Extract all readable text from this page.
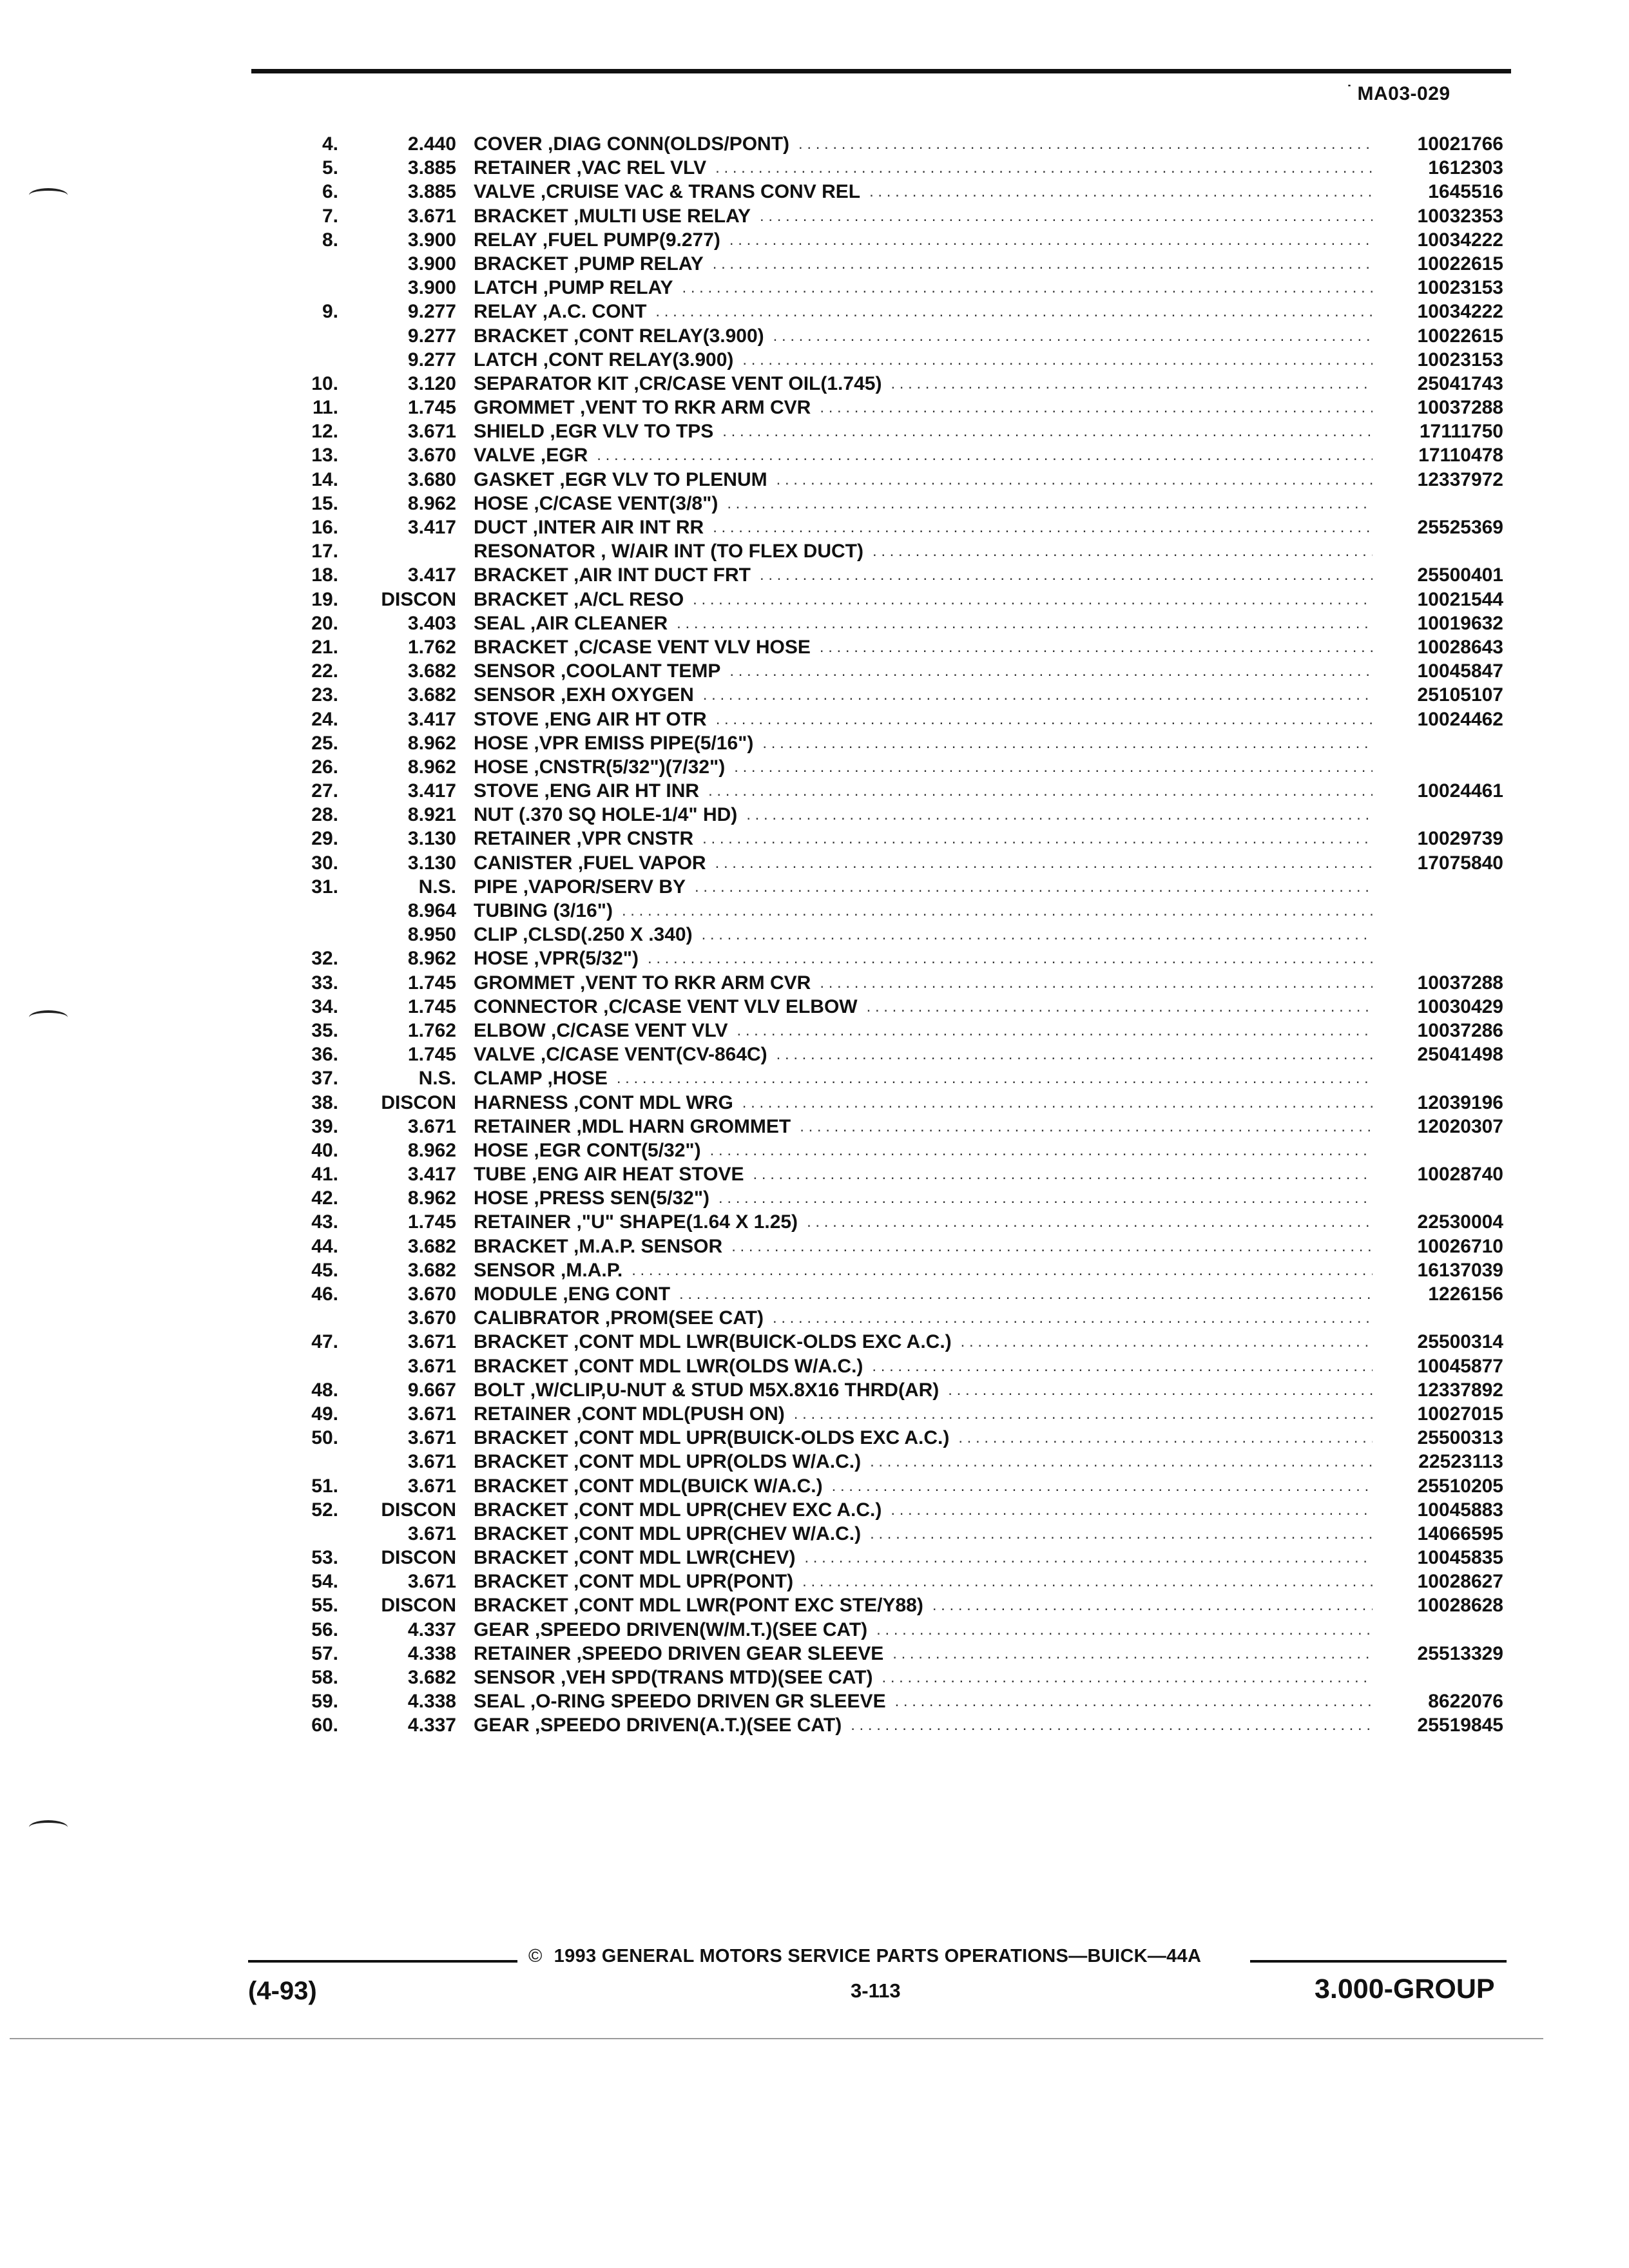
˙ MA03-029
4.	2.440 COVER ,DIAG CONN(OLDS/PONT) . . .	10021766
5.	3.885 RETAINER ,VAC REL VLV . . .	1612303
6.	3.885 VALVE ,CRUISE VAC & TRANS CONV REL . . .	1645516
7.	3.671 BRACKET ,MULTI USE RELAY . . .	10032353
8.	3.900 RELAY ,FUEL PUMP(9.277) . . .	10034222
3.900 BRACKET ,PUMP RELAY . . .	10022615
3.900 LATCH ,PUMP RELAY . . .	10023153
9.	9.277 RELAY ,A.C. CONT . . .	10034222
9.277 BRACKET ,CONT RELAY(3.900) . . .	10022615
9.277 LATCH ,CONT RELAY(3.900) . . .	10023153
10.	3.120 SEPARATOR KIT ,CR/CASE VENT OIL(1.745) . . .	25041743
11.	1.745 GROMMET ,VENT TO RKR ARM CVR . . .	10037288
12.	3.671 SHIELD ,EGR VLV TO TPS . . .	17111750
13.	3.670 VALVE ,EGR . . .	17110478
14.	3.680 GASKET ,EGR VLV TO PLENUM . . .	12337972
15.	8.962 HOSE ,C/CASE VENT(3/8")
. . .
16.	3.417 DUCT ,INTER AIR INT RR . . .	25525369
17.	RESONATOR , W/AIR INT (TO FLEX DUCT)
. . .
18.	3.417 BRACKET ,AIR INT DUCT FRT . . .	25500401
19.	DISCON BRACKET ,A/CL RESO . . .	10021544
20.	3.403 SEAL ,AIR CLEANER . . .	10019632
21.	1.762 BRACKET ,C/CASE VENT VLV HOSE . . .	10028643
22.	3.682 SENSOR ,COOLANT TEMP . . .	10045847
23.	3.682 SENSOR ,EXH OXYGEN . . .	25105107
24.	3.417 STOVE ,ENG AIR HT OTR . . .	10024462
25.	8.962 HOSE ,VPR EMISS PIPE(5/16")
. . .
26.	8.962 HOSE ,CNSTR(5/32")(7/32")
. . .
27.	3.417 STOVE ,ENG AIR HT INR . . .	10024461
28.	8.921 NUT (.370 SQ HOLE-1/4" HD)
. . .
29.	3.130 RETAINER ,VPR CNSTR . . .	10029739
30.	3.130 CANISTER ,FUEL VAPOR . . .	17075840
31.	N.S. PIPE ,VAPOR/SERV BY
. . .
8.964 TUBING (3/16")
. . .
8.950 CLIP ,CLSD(.250 X .340)
. . .
32.	8.962 HOSE ,VPR(5/32")
. . .
33.	1.745 GROMMET ,VENT TO RKR ARM CVR . . .	10037288
34.	1.745 CONNECTOR ,C/CASE VENT VLV ELBOW . . .	10030429
35.	1.762 ELBOW ,C/CASE VENT VLV . . .	10037286
36.	1.745 VALVE ,C/CASE VENT(CV-864C) . . .	25041498
37.	N.S. CLAMP ,HOSE
. . .
38.	DISCON HARNESS ,CONT MDL WRG . . .	12039196
39.	3.671 RETAINER ,MDL HARN GROMMET . . .	12020307
40.	8.962 HOSE ,EGR CONT(5/32")
. . .
41.	3.417 TUBE ,ENG AIR HEAT STOVE . . .	10028740
42.	8.962 HOSE ,PRESS SEN(5/32")
. . .
43.	1.745 RETAINER ,"U" SHAPE(1.64 X 1.25) . . .	22530004
44.	3.682 BRACKET ,M.A.P. SENSOR . . .	10026710
45.	3.682 SENSOR ,M.A.P. . . .	16137039
46.	3.670 MODULE ,ENG CONT . . .	1226156
3.670 CALIBRATOR ,PROM(SEE CAT)
. . .
47.	3.671 BRACKET ,CONT MDL LWR(BUICK-OLDS EXC A.C.) . . .	25500314
3.671 BRACKET ,CONT MDL LWR(OLDS W/A.C.) . . .	10045877
48.	9.667 BOLT ,W/CLIP,U-NUT & STUD M5X.8X16 THRD(AR) . . .	12337892
49.	3.671 RETAINER ,CONT MDL(PUSH ON) . . .	10027015
50.	3.671 BRACKET ,CONT MDL UPR(BUICK-OLDS EXC A.C.) . . .	25500313
3.671 BRACKET ,CONT MDL UPR(OLDS W/A.C.) . . .	22523113
51.	3.671 BRACKET ,CONT MDL(BUICK W/A.C.) . . .	25510205
52.	DISCON BRACKET ,CONT MDL UPR(CHEV EXC A.C.) . . .	10045883
3.671 BRACKET ,CONT MDL UPR(CHEV W/A.C.) . . .	14066595
53.	DISCON BRACKET ,CONT MDL LWR(CHEV) . . .	10045835
54.	3.671 BRACKET ,CONT MDL UPR(PONT) . . .	10028627
55.	DISCON BRACKET ,CONT MDL LWR(PONT EXC STE/Y88) . . .	10028628
56.	4.337 GEAR ,SPEEDO DRIVEN(W/M.T.)(SEE CAT)
. . .
57.	4.338 RETAINER ,SPEEDO DRIVEN GEAR SLEEVE . . .	25513329
58.	3.682 SENSOR ,VEH SPD(TRANS MTD)(SEE CAT)
. . .
59.	4.338 SEAL ,O-RING SPEEDO DRIVEN GR SLEEVE . . .	8622076
60.	4.337 GEAR ,SPEEDO DRIVEN(A.T.)(SEE CAT) . . .	25519845
© 1993 GENERAL MOTORS SERVICE PARTS OPERATIONS—BUICK—44A
(4-93)	3-113	3.000-GROUP
